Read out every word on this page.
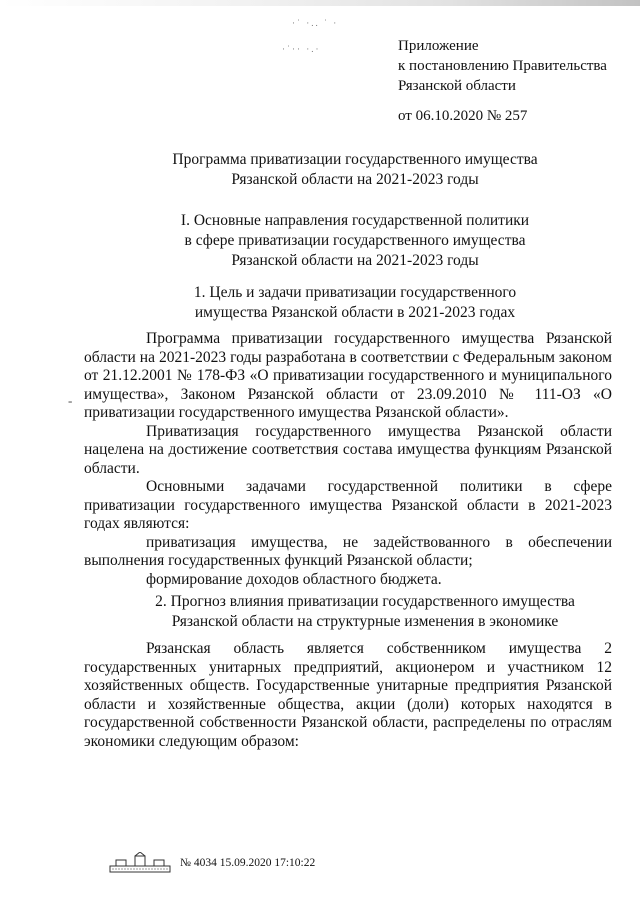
·˙ ·.. ˙ ·
·˙·· ·.·	Приложение
к постановлению Правительства
Рязанской области
от 06.10.2020 № 257
Программа приватизации государственного имущества
Рязанской области на 2021-2023 годы
I. Основные направления государственной политики
в сфере приватизации государственного имущества
Рязанской области на 2021-2023 годы
1. Цель и задачи приватизации государственного
имущества Рязанской области в 2021-2023 годах

Программа приватизации государственного имущества Рязанской области на 2021-2023 годы разработана в соответствии с Федеральным законом от 21.12.2001 № 178-ФЗ «О приватизации государственного и муниципального имущества», Законом Рязанской области от 23.09.2010 № 111-ОЗ «О приватизации государственного имущества Рязанской области».

Приватизация государственного имущества Рязанской области нацелена на достижение соответствия состава имущества функциям Рязанской области.

Основными задачами государственной политики в сфере приватизации государственного имущества Рязанской области в 2021-2023 годах являются:

приватизация имущества, не задействованного в обеспечении выполнения государственных функций Рязанской области;

формирование доходов областного бюджета.

2. Прогноз влияния приватизации государственного имущества
Рязанской области на структурные изменения в экономике

Рязанская область является собственником имущества 2 государственных унитарных предприятий, акционером и участником 12 хозяйственных обществ. Государственные унитарные предприятия Рязанской области и хозяйственные общества, акции (доли) которых находятся в государственной собственности Рязанской области, распределены по отраслям экономики следующим образом:

-
№ 4034 15.09.2020 17:10:22
